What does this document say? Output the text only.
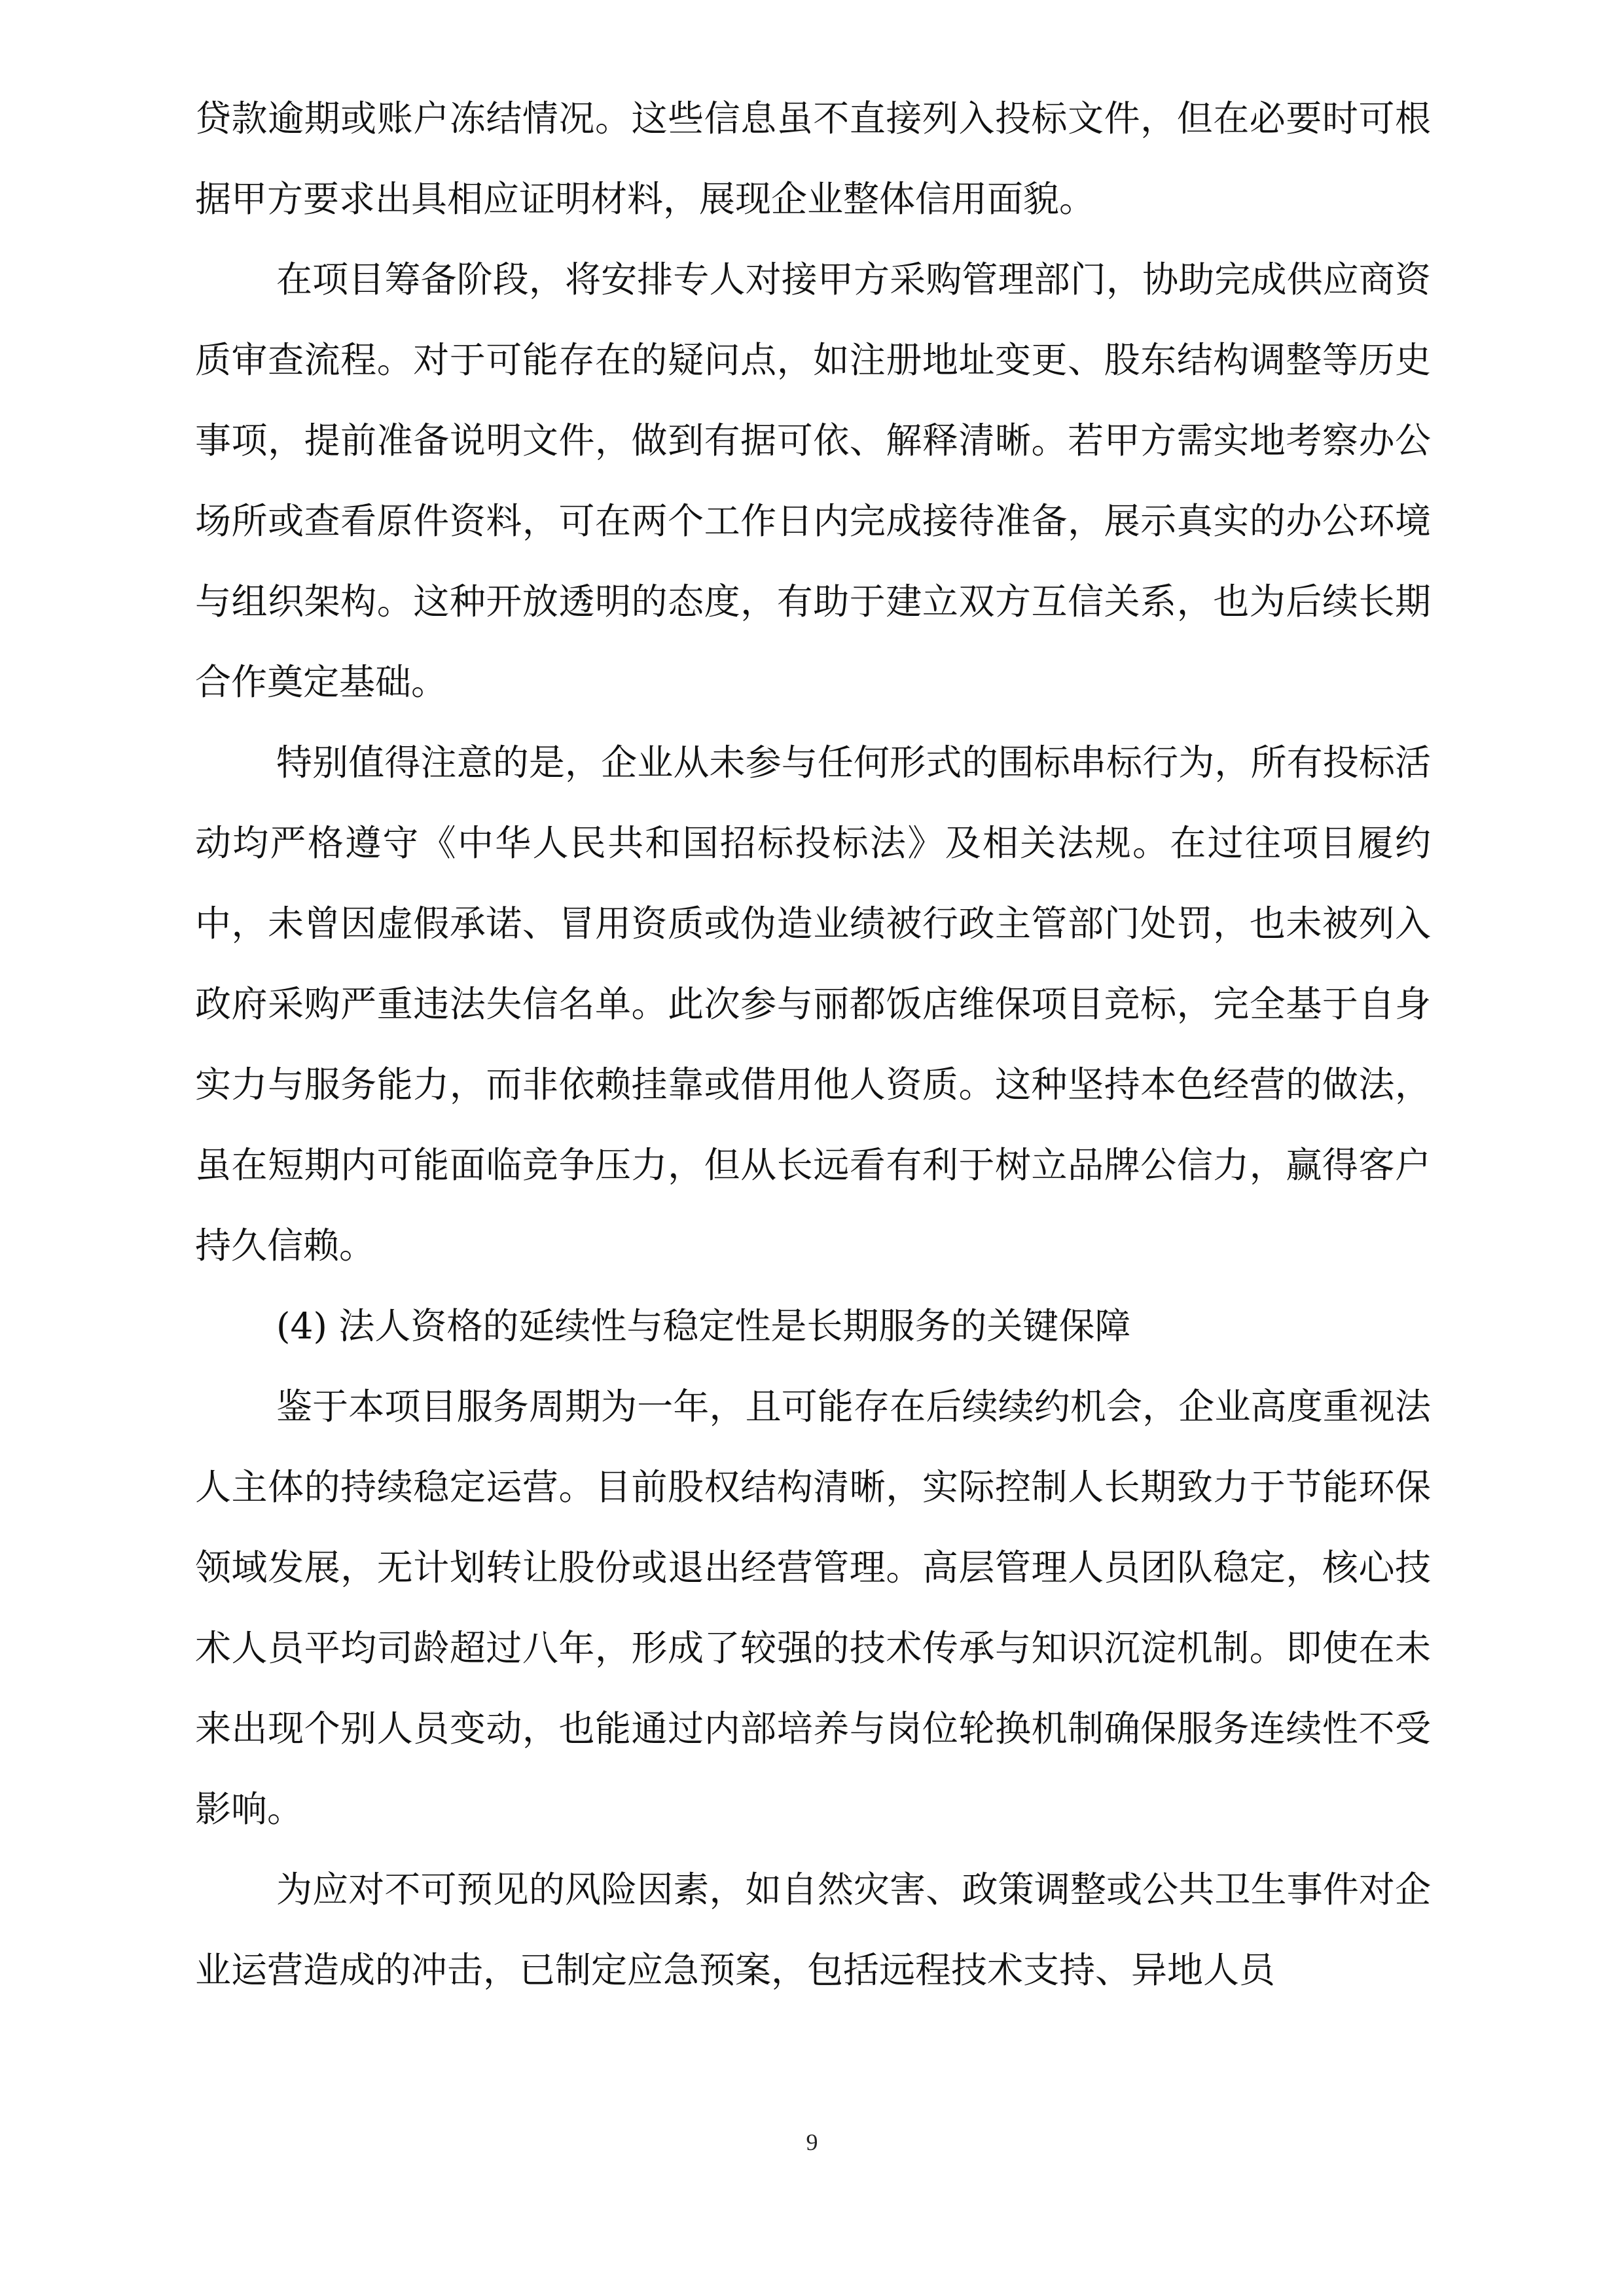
贷款逾期或账户冻结情况。这些信息虽不直接列入投标文件，但在必要时可根据甲方要求出具相应证明材料，展现企业整体信用面貌。

在项目筹备阶段，将安排专人对接甲方采购管理部门，协助完成供应商资质审查流程。对于可能存在的疑问点，如注册地址变更、股东结构调整等历史事项，提前准备说明文件，做到有据可依、解释清晰。若甲方需实地考察办公场所或查看原件资料，可在两个工作日内完成接待准备，展示真实的办公环境与组织架构。这种开放透明的态度，有助于建立双方互信关系，也为后续长期合作奠定基础。

特别值得注意的是，企业从未参与任何形式的围标串标行为，所有投标活动均严格遵守《中华人民共和国招标投标法》及相关法规。在过往项目履约中，未曾因虚假承诺、冒用资质或伪造业绩被行政主管部门处罚，也未被列入政府采购严重违法失信名单。此次参与丽都饭店维保项目竞标，完全基于自身实力与服务能力，而非依赖挂靠或借用他人资质。这种坚持本色经营的做法，虽在短期内可能面临竞争压力，但从长远看有利于树立品牌公信力，赢得客户持久信赖。

(4) 法人资格的延续性与稳定性是长期服务的关键保障

鉴于本项目服务周期为一年，且可能存在后续续约机会，企业高度重视法人主体的持续稳定运营。目前股权结构清晰，实际控制人长期致力于节能环保领域发展，无计划转让股份或退出经营管理。高层管理人员团队稳定，核心技术人员平均司龄超过八年，形成了较强的技术传承与知识沉淀机制。即使在未来出现个别人员变动，也能通过内部培养与岗位轮换机制确保服务连续性不受影响。

为应对不可预见的风险因素，如自然灾害、政策调整或公共卫生事件对企业运营造成的冲击，已制定应急预案，包括远程技术支持、异地人员

9
